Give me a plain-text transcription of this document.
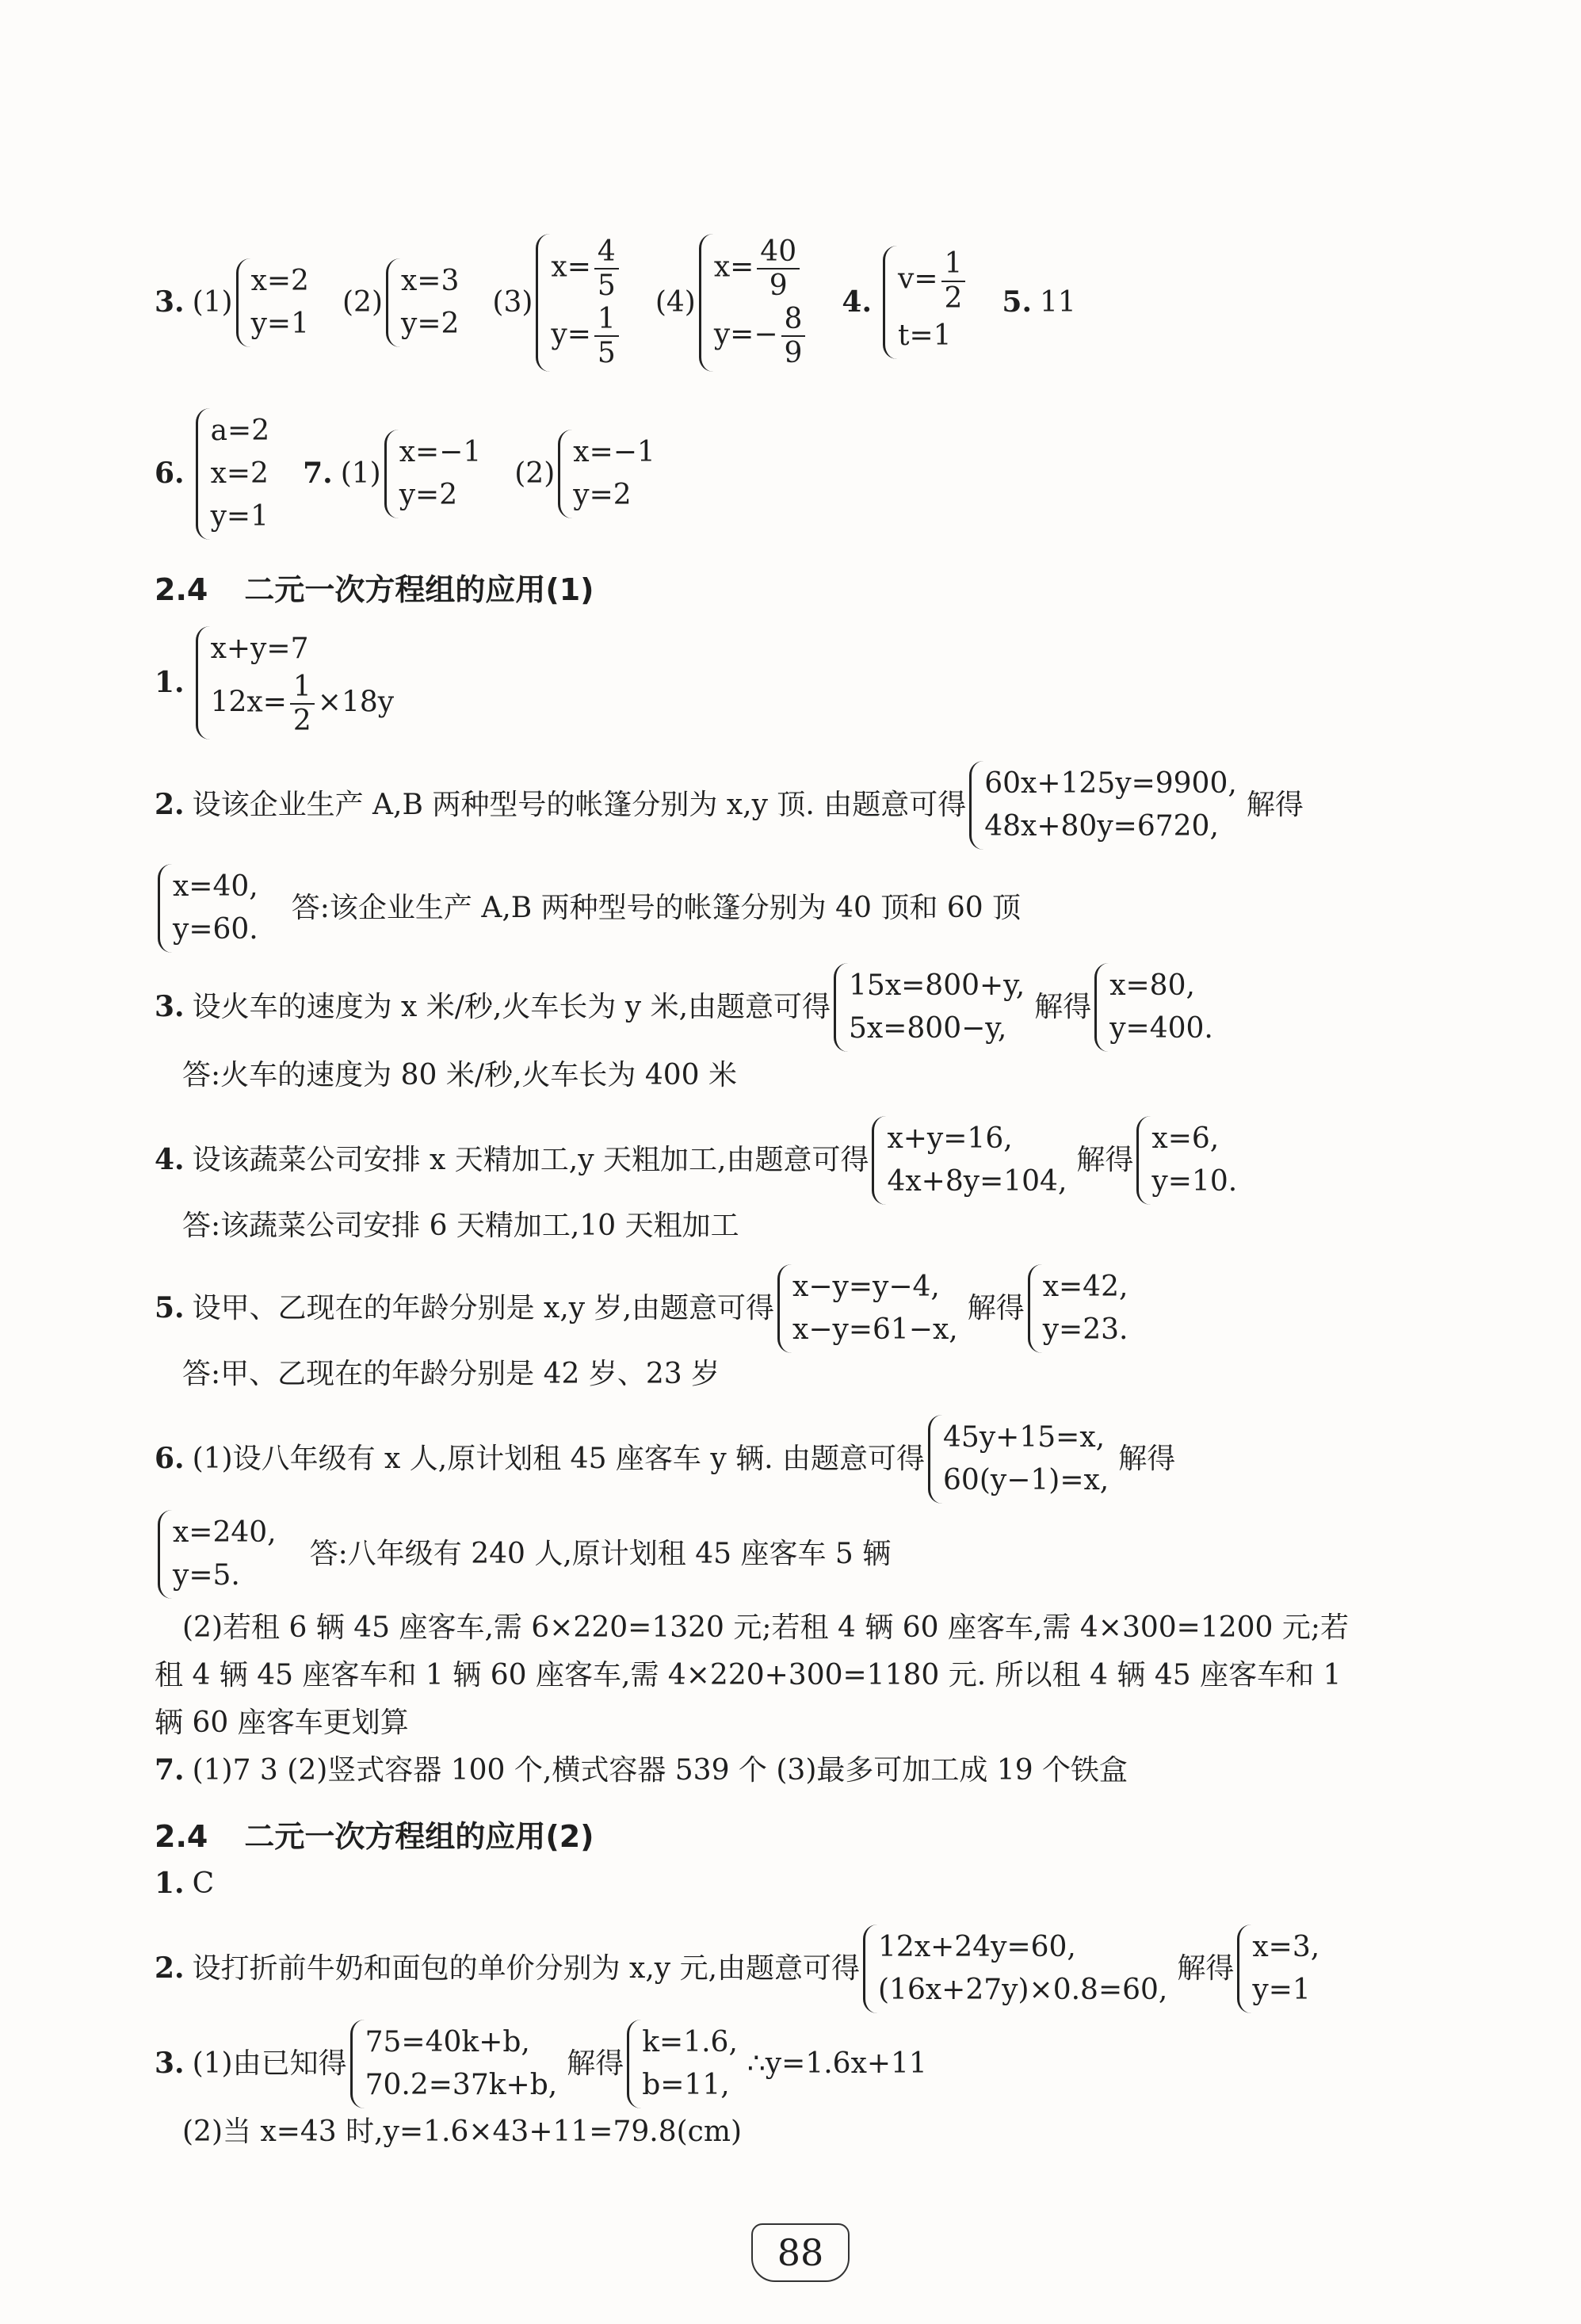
3. (1)
x=2
y=1
(2)
x=3
y=2
(3)
$x= \frac{4}{5}$
$y= \frac{1}{5}$
(4)
$x= \frac{40}{9}$
$y=- \frac{8}{9}$
4.
$v= \frac{1}{2}$
t=1
5. 11
6.
a=2
x=2
y=1
7. (1)
x=−1
y=2
(2)
x=−1
y=2
2.4 二元一次方程组的应用(1)
1.
x+y=7
$12x= \frac{1}{2} \times 18y$
2. 设该企业生产 A,B 两种型号的帐篷分别为 x,y 顶. 由题意可得
60x+125y=9900,
48x+80y=6720,
解得
x=40,
y=60.
答:该企业生产 A,B 两种型号的帐篷分别为 40 顶和 60 顶
3. 设火车的速度为 x 米/秒,火车长为 y 米,由题意可得
15x=800+y,
5x=800−y,
解得
x=80,
y=400.
答:火车的速度为 80 米/秒,火车长为 400 米
4. 设该蔬菜公司安排 x 天精加工,y 天粗加工,由题意可得
x+y=16,
4x+8y=104,
解得
x=6,
y=10.
答:该蔬菜公司安排 6 天精加工,10 天粗加工
5. 设甲、乙现在的年龄分别是 x,y 岁,由题意可得
x−y=y−4,
x−y=61−x,
解得
x=42,
y=23.
答:甲、乙现在的年龄分别是 42 岁、23 岁
6. (1)设八年级有 x 人,原计划租 45 座客车 y 辆. 由题意可得
45y+15=x,
60(y−1)=x,
解得
x=240,
y=5.
答:八年级有 240 人,原计划租 45 座客车 5 辆
(2)若租 6 辆 45 座客车,需 6×220=1320 元;若租 4 辆 60 座客车,需 4×300=1200 元;若
租 4 辆 45 座客车和 1 辆 60 座客车,需 4×220+300=1180 元. 所以租 4 辆 45 座客车和 1
辆 60 座客车更划算
7. (1)7 3 (2)竖式容器 100 个,横式容器 539 个 (3)最多可加工成 19 个铁盒
2.4 二元一次方程组的应用(2)
1. C
2. 设打折前牛奶和面包的单价分别为 x,y 元,由题意可得
12x+24y=60,
(16x+27y)×0.8=60,
解得
x=3,
y=1
3. (1)由已知得
75=40k+b,
70.2=37k+b,
解得
k=1.6,
b=11,
∴y=1.6x+11
(2)当 x=43 时,y=1.6×43+11=79.8(cm)
88
